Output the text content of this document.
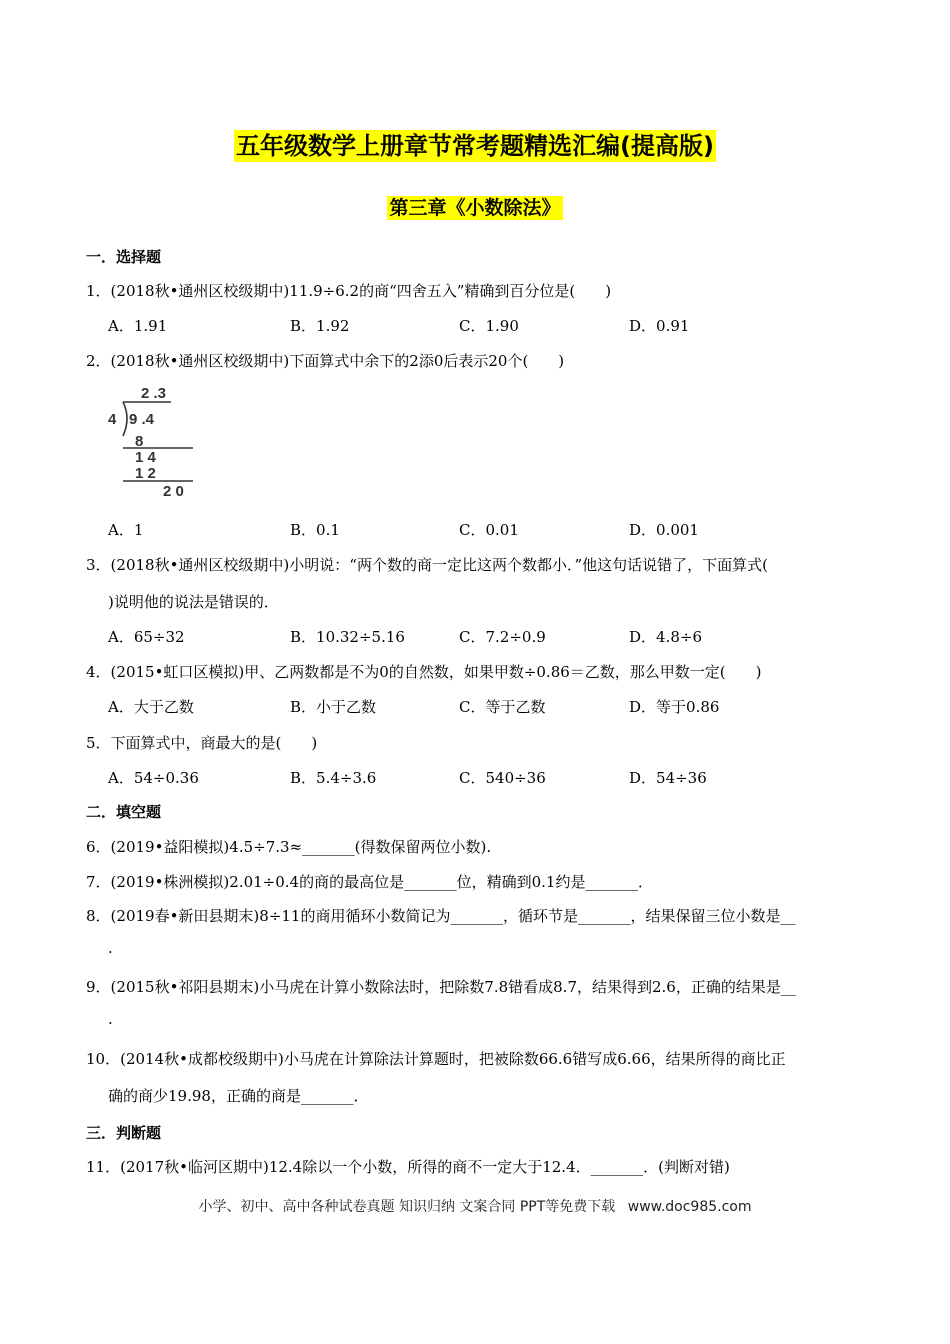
五年级数学上册章节常考题精选汇编(提高版)
第三章《小数除法》
一．选择题
1．(2018秋•通州区校级期中)11.9÷6.2的商“四舍五入”精确到百分位是(　　)
A．1.91	B．1.92	C．1.90	D．0.91
2．(2018秋•通州区校级期中)下面算式中余下的2添0后表示20个(　　)
2 .3
4 9 .4
8
1 4
1 2
2 0
A．1	B．0.1	C．0.01	D．0.001
3．(2018秋•通州区校级期中)小明说：“两个数的商一定比这两个数都小．”他这句话说错了，下面算式(
)说明他的说法是错误的．
A．65÷32	B．10.32÷5.16	C．7.2÷0.9	D．4.8÷6
4．(2015•虹口区模拟)甲、乙两数都是不为0的自然数，如果甲数÷0.86＝乙数，那么甲数一定(　　)
A．大于乙数	B．小于乙数	C．等于乙数	D．等于0.86
5．下面算式中，商最大的是(　　)
A．54÷0.36	B．5.4÷3.6	C．540÷36	D．54÷36
二．填空题
6．(2019•益阳模拟)4.5÷7.3≈_______(得数保留两位小数).
7．(2019•株洲模拟)2.01÷0.4的商的最高位是_______位，精确到0.1约是_______．
8．(2019春•新田县期末)8÷11的商用循环小数简记为_______，循环节是_______，结果保留三位小数是__
.
9．(2015秋•祁阳县期末)小马虎在计算小数除法时，把除数7.8错看成8.7，结果得到2.6，正确的结果是__
.
10．(2014秋•成都校级期中)小马虎在计算除法计算题时，把被除数66.6错写成6.66，结果所得的商比正
确的商少19.98，正确的商是_______．
三．判断题
11．(2017秋•临河区期中)12.4除以一个小数，所得的商不一定大于12.4．_______．(判断对错)
小学、初中、高中各种试卷真题 知识归纳 文案合同 PPT等免费下载 www.doc985.com
